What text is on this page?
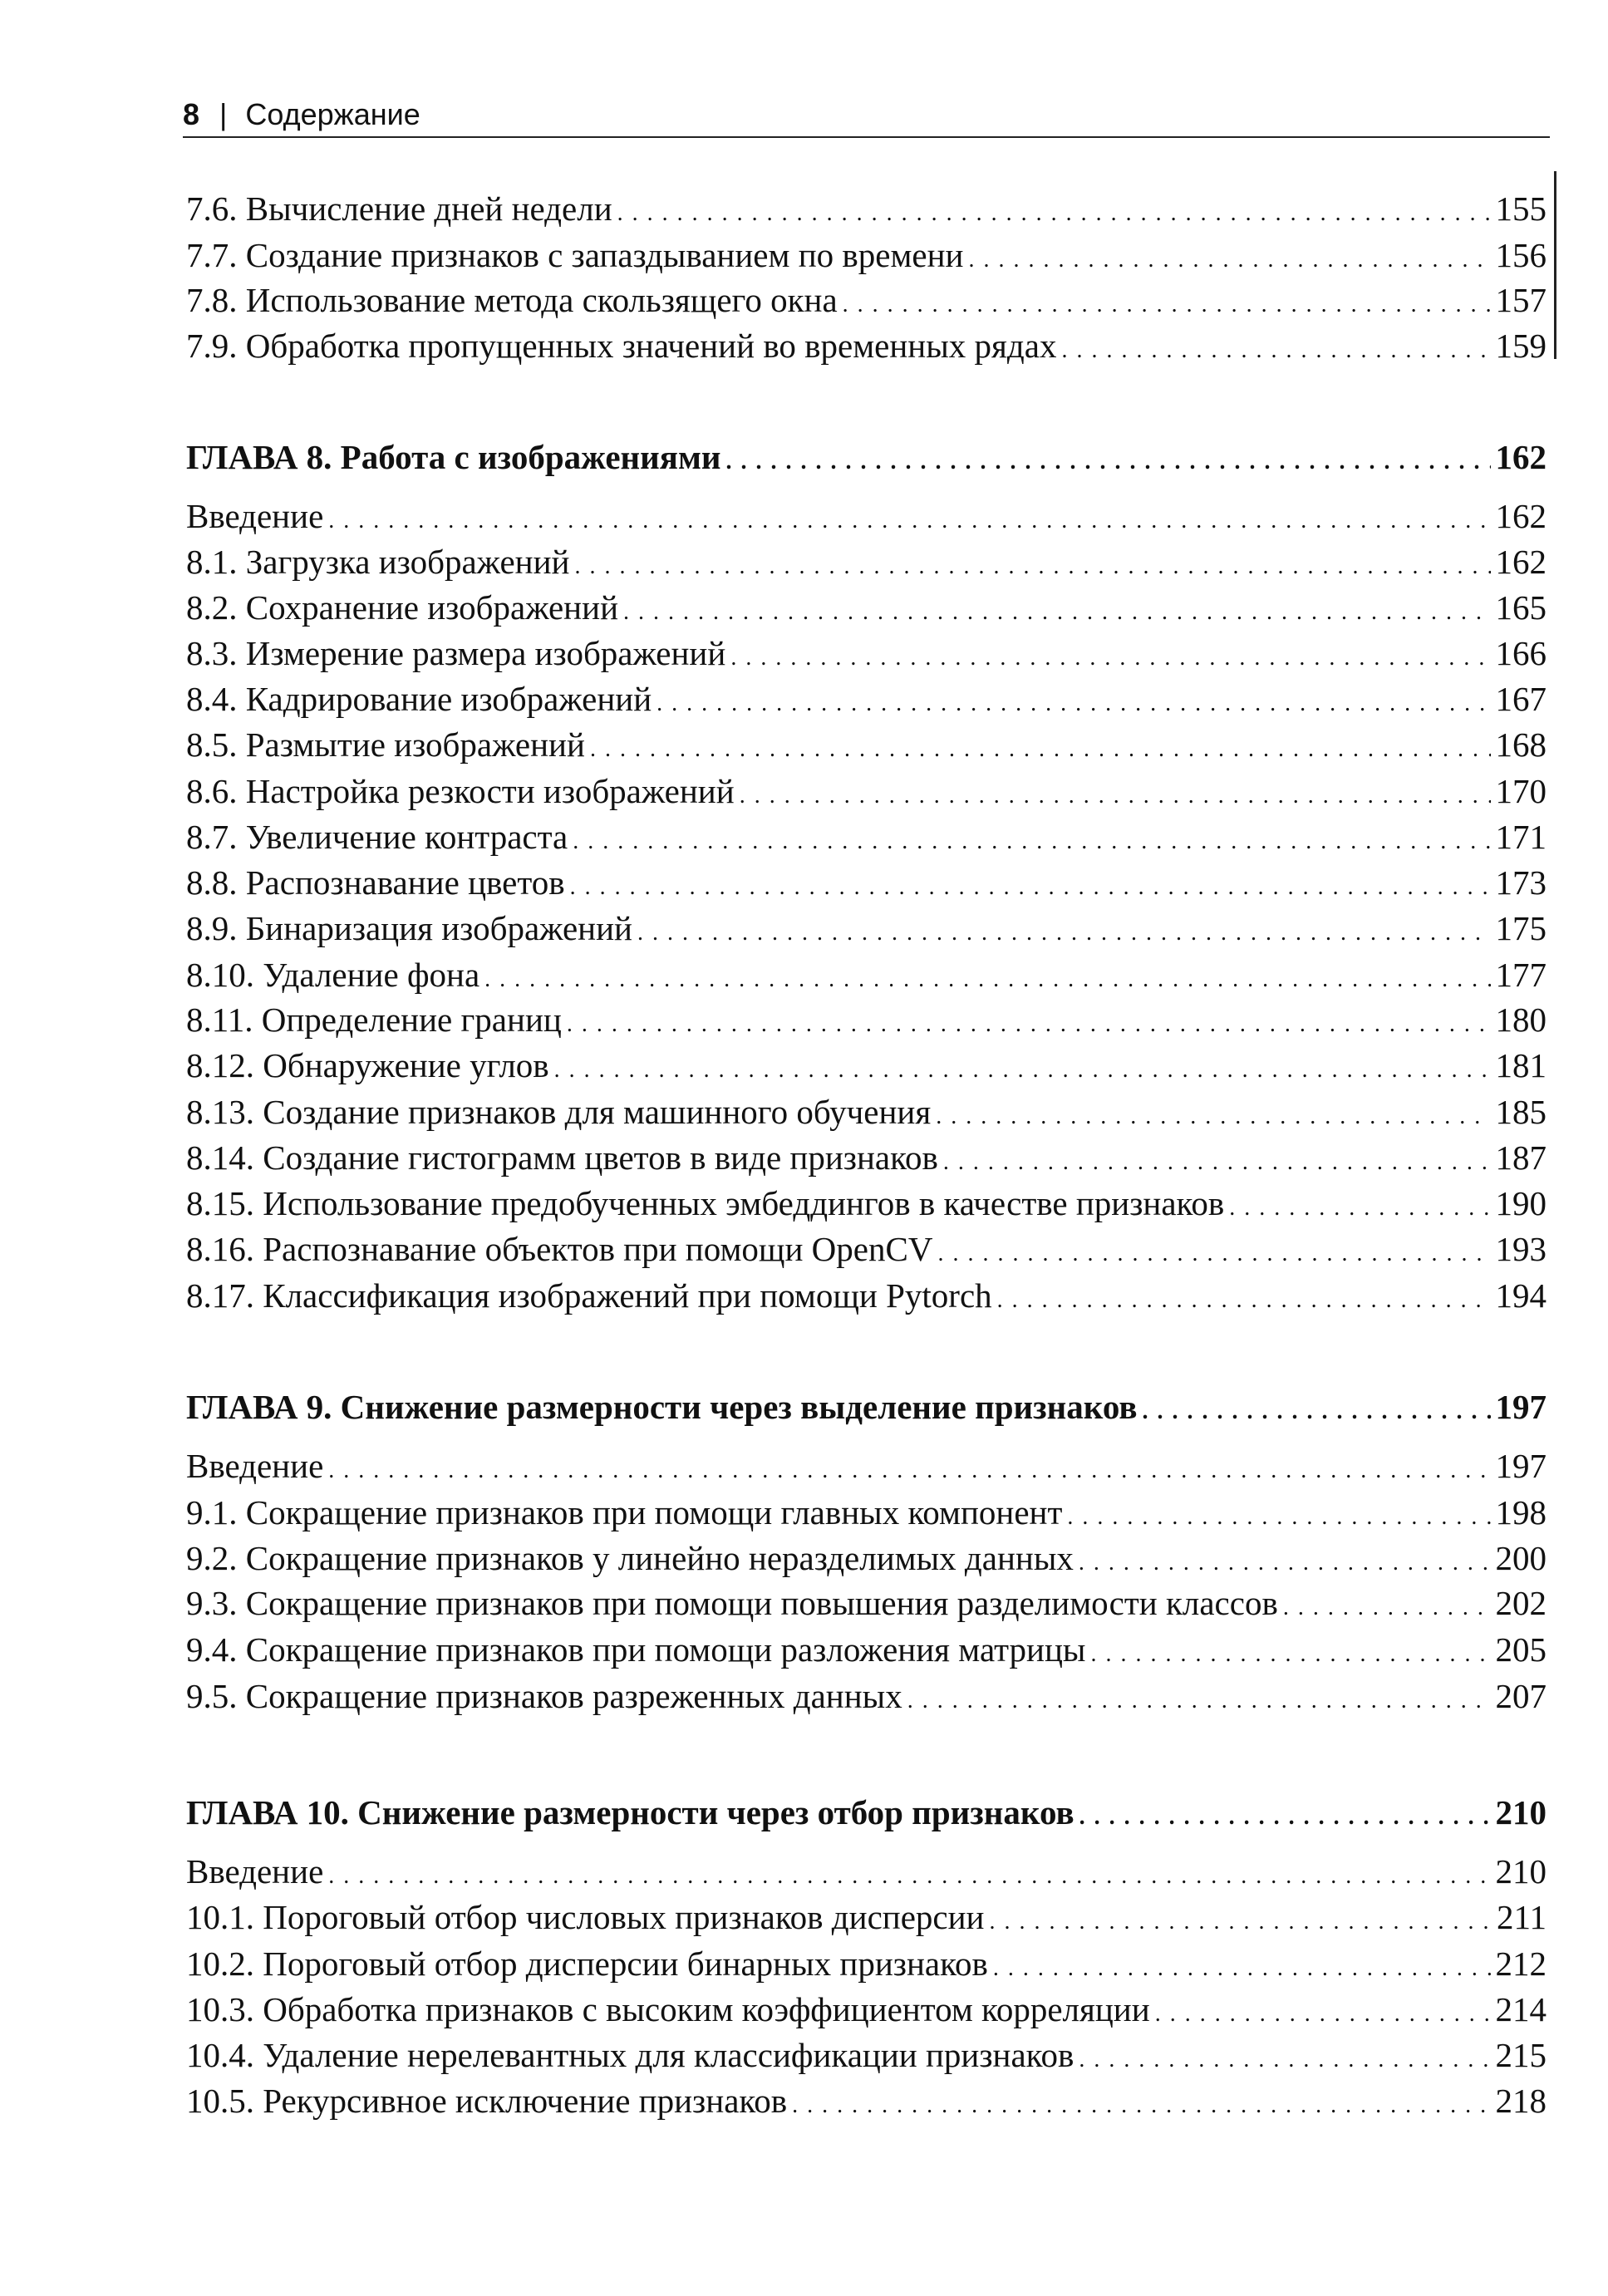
8 | Содержание
7.6. Вычисление дней недели . . .	155
7.7. Создание признаков с запаздыванием по времени . . .	156
7.8. Использование метода скользящего окна . . .	157
7.9. Обработка пропущенных значений во временных рядах . . .	159
ГЛАВА 8. Работа с изображениями . . .	162
Введение . . .	162
8.1. Загрузка изображений . . .	162
8.2. Сохранение изображений . . .	165
8.3. Измерение размера изображений . . .	166
8.4. Кадрирование изображений . . .	167
8.5. Размытие изображений . . .	168
8.6. Настройка резкости изображений . . .	170
8.7. Увеличение контраста . . .	171
8.8. Распознавание цветов . . .	173
8.9. Бинаризация изображений . . .	175
8.10. Удаление фона . . .	177
8.11. Определение границ . . .	180
8.12. Обнаружение углов . . .	181
8.13. Создание признаков для машинного обучения . . .	185
8.14. Создание гистограмм цветов в виде признаков . . .	187
8.15. Использование предобученных эмбеддингов в качестве признаков . . .	190
8.16. Распознавание объектов при помощи OpenCV . . .	193
8.17. Классификация изображений при помощи Pytorch . . .	194
ГЛАВА 9. Снижение размерности через выделение признаков . . .	197
Введение . . .	197
9.1. Сокращение признаков при помощи главных компонент . . .	198
9.2. Сокращение признаков у линейно неразделимых данных . . .	200
9.3. Сокращение признаков при помощи повышения разделимости классов . . .	202
9.4. Сокращение признаков при помощи разложения матрицы . . .	205
9.5. Сокращение признаков разреженных данных . . .	207
ГЛАВА 10. Снижение размерности через отбор признаков . . .	210
Введение . . .	210
10.1. Пороговый отбор числовых признаков дисперсии . . .	211
10.2. Пороговый отбор дисперсии бинарных признаков . . .	212
10.3. Обработка признаков с высоким коэффициентом корреляции . . .	214
10.4. Удаление нерелевантных для классификации признаков . . .	215
10.5. Рекурсивное исключение признаков . . .	218
